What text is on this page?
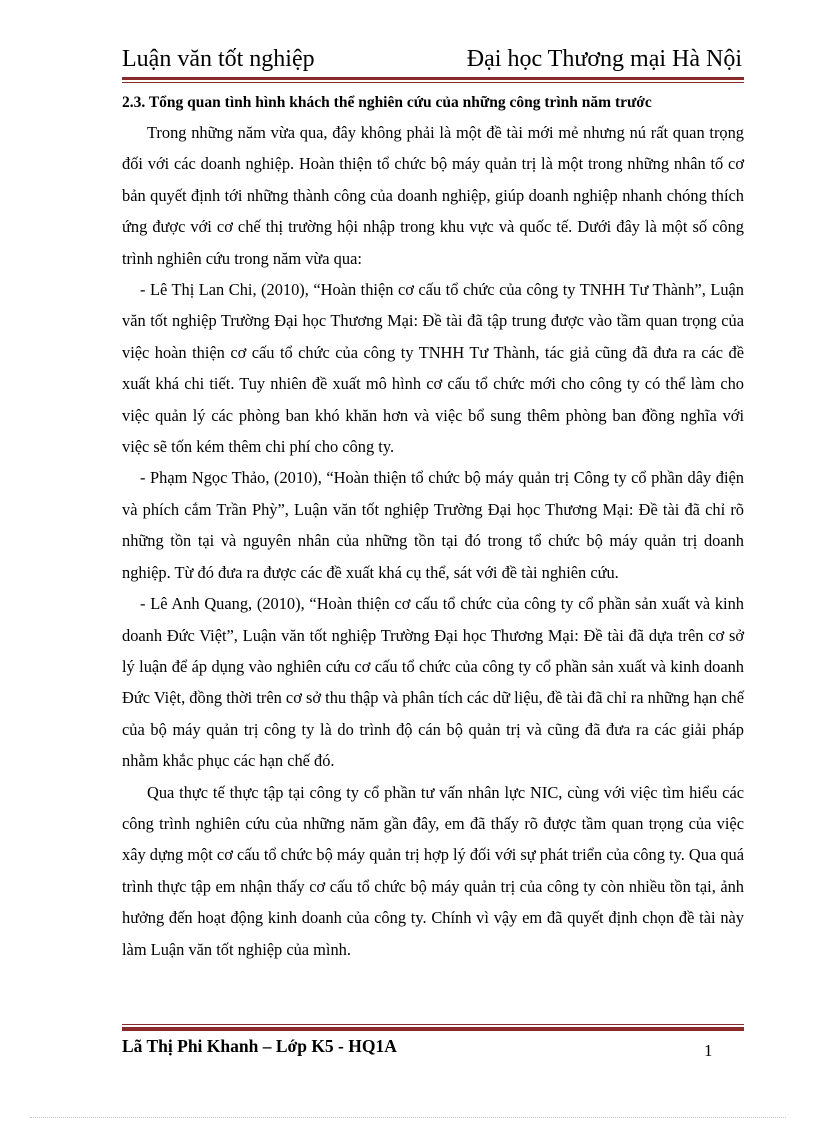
Luận văn tốt nghiệp	Đại học Thương mại Hà Nội
2.3. Tổng quan tình hình khách thể nghiên cứu của những công trình năm trước

Trong những năm vừa qua, đây không phải là một đề tài mới mẻ nhưng nú rất quan trọng đối với các doanh nghiệp. Hoàn thiện tổ chức bộ máy quản trị là một trong những nhân tố cơ bản quyết định tới những thành công của doanh nghiệp, giúp doanh nghiệp nhanh chóng thích ứng được với cơ chế thị trường hội nhập trong khu vực và quốc tế. Dưới đây là một số công trình nghiên cứu trong năm vừa qua:

- Lê Thị Lan Chi, (2010), “Hoàn thiện cơ cấu tổ chức của công ty TNHH Tư Thành”, Luận văn tốt nghiệp Trường Đại học Thương Mại: Đề tài đã tập trung được vào tầm quan trọng của việc hoàn thiện cơ cấu tổ chức của công ty TNHH Tư Thành, tác giả cũng đã đưa ra các đề xuất khá chi tiết. Tuy nhiên đề xuất mô hình cơ cấu tổ chức mới cho công ty có thể làm cho việc quản lý các phòng ban khó khăn hơn và việc bổ sung thêm phòng ban đồng nghĩa với việc sẽ tốn kém thêm chi phí cho công ty.

- Phạm Ngọc Thảo, (2010), “Hoàn thiện tổ chức bộ máy quản trị Công ty cổ phần dây điện và phích cắm Trần Phỳ”, Luận văn tốt nghiệp Trường Đại học Thương Mại: Đề tài đã chỉ rõ những tồn tại và nguyên nhân của những tồn tại đó trong tổ chức bộ máy quản trị doanh nghiệp. Từ đó đưa ra được các đề xuất khá cụ thể, sát với đề tài nghiên cứu.

- Lê Anh Quang, (2010), “Hoàn thiện cơ cấu tổ chức của công ty cổ phần sản xuất và kinh doanh Đức Việt”, Luận văn tốt nghiệp Trường Đại học Thương Mại: Đề tài đã dựa trên cơ sở lý luận để áp dụng vào nghiên cứu cơ cấu tổ chức của công ty cổ phần sản xuất và kinh doanh Đức Việt, đồng thời trên cơ sở thu thập và phân tích các dữ liệu, đề tài đã chỉ ra những hạn chế của bộ máy quản trị công ty là do trình độ cán bộ quản trị và cũng đã đưa ra các giải pháp nhằm khắc phục các hạn chế đó.

Qua thực tế thực tập tại công ty cổ phần tư vấn nhân lực NIC, cùng với việc tìm hiểu các công trình nghiên cứu của những năm gần đây, em đã thấy rõ được tầm quan trọng của việc xây dựng một cơ cấu tổ chức bộ máy quản trị hợp lý đối với sự phát triển của công ty. Qua quá trình thực tập em nhận thấy cơ cấu tổ chức bộ máy quản trị của công ty còn nhiều tồn tại, ảnh hưởng đến hoạt động kinh doanh của công ty. Chính vì vậy em đã quyết định chọn đề tài này làm Luận văn tốt nghiệp của mình.

Lã Thị Phi Khanh – Lớp K5 - HQ1A	1
